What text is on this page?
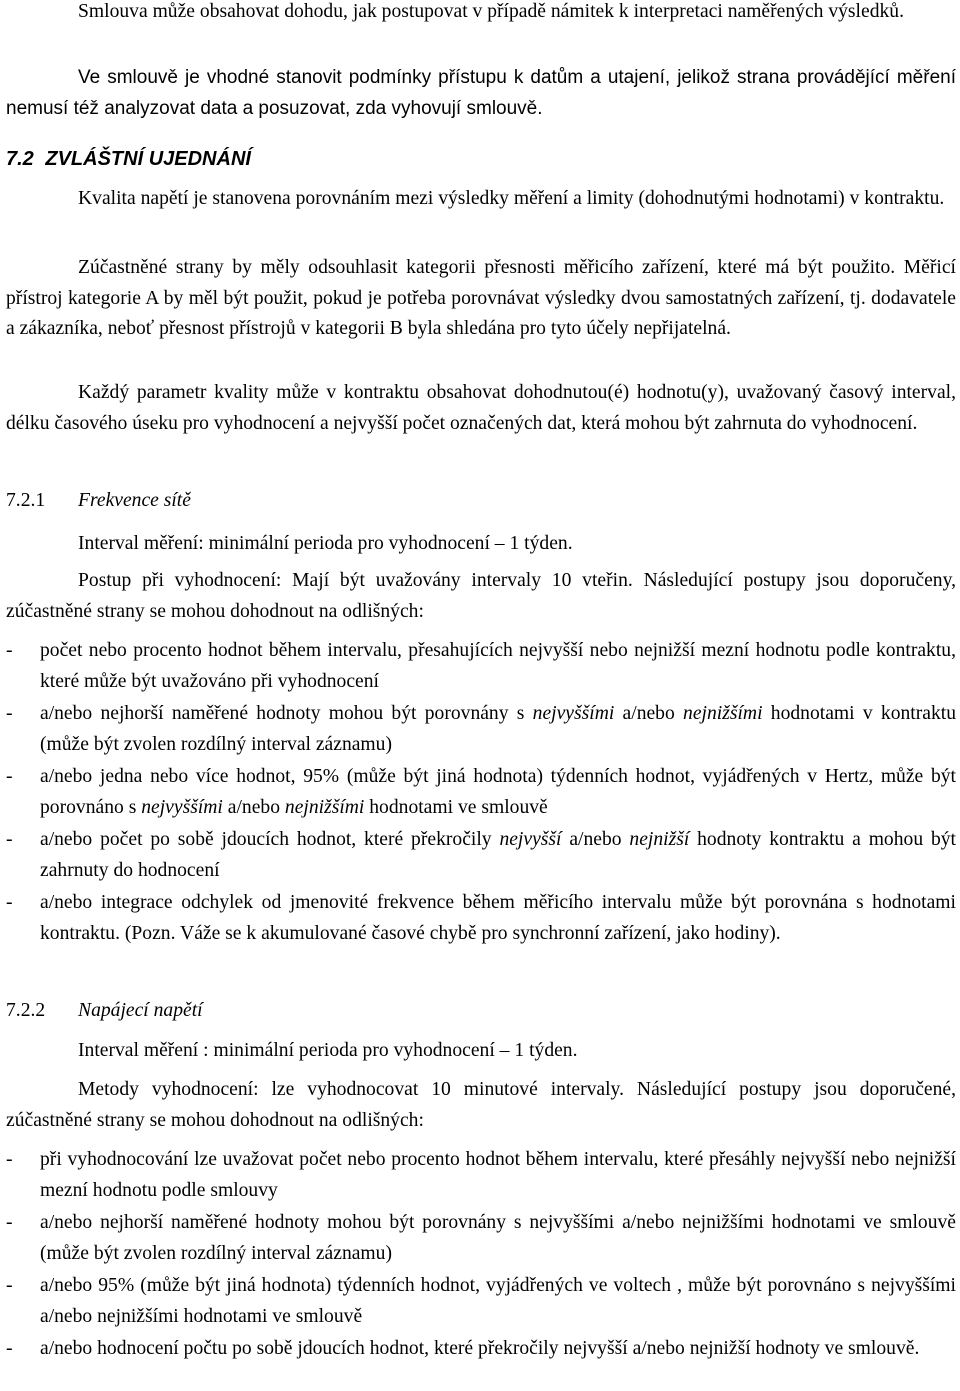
Smlouva může obsahovat dohodu, jak postupovat v případě námitek k interpretaci naměřených výsledků.

Ve smlouvě je vhodné stanovit podmínky přístupu k datům a utajení, jelikož strana provádějící měření nemusí též analyzovat data a posuzovat, zda vyhovují smlouvě.

7.2 ZVLÁŠTNÍ UJEDNÁNÍ

Kvalita napětí je stanovena porovnáním mezi výsledky měření a limity (dohodnutými hodnotami) v kontraktu.

Zúčastněné strany by měly odsouhlasit kategorii přesnosti měřicího zařízení, které má být použito. Měřicí přístroj kategorie A by měl být použit, pokud je potřeba porovnávat výsledky dvou samostatných zařízení, tj. dodavatele a zákazníka, neboť přesnost přístrojů v kategorii B byla shledána pro tyto účely nepřijatelná.

Každý parametr kvality může v kontraktu obsahovat dohodnutou(é) hodnotu(y), uvažovaný časový interval, délku časového úseku pro vyhodnocení a nejvyšší počet označených dat, která mohou být zahrnuta do vyhodnocení.

7.2.1	Frekvence sítě

Interval měření: minimální perioda pro vyhodnocení – 1 týden.

Postup při vyhodnocení: Mají být uvažovány intervaly 10 vteřin. Následující postupy jsou doporučeny, zúčastněné strany se mohou dohodnout na odlišných:

-	počet nebo procento hodnot během intervalu, přesahujících nejvyšší nebo nejnižší mezní hodnotu podle kontraktu, které může být uvažováno při vyhodnocení
-	a/nebo nejhorší naměřené hodnoty mohou být porovnány s nejvyššími a/nebo nejnižšími hodnotami v kontraktu (může být zvolen rozdílný interval záznamu)
-	a/nebo jedna nebo více hodnot, 95% (může být jiná hodnota) týdenních hodnot, vyjádřených v Hertz, může být porovnáno s nejvyššími a/nebo nejnižšími hodnotami ve smlouvě
-	a/nebo počet po sobě jdoucích hodnot, které překročily nejvyšší a/nebo nejnižší hodnoty kontraktu a mohou být zahrnuty do hodnocení
-	a/nebo integrace odchylek od jmenovité frekvence během měřicího intervalu může být porovnána s hodnotami kontraktu. (Pozn. Váže se k akumulované časové chybě pro synchronní zařízení, jako hodiny).
7.2.2	Napájecí napětí

Interval měření : minimální perioda pro vyhodnocení – 1 týden.

Metody vyhodnocení: lze vyhodnocovat 10 minutové intervaly. Následující postupy jsou doporučené, zúčastněné strany se mohou dohodnout na odlišných:

-	při vyhodnocování lze uvažovat počet nebo procento hodnot během intervalu, které přesáhly nejvyšší nebo nejnižší mezní hodnotu podle smlouvy
-	a/nebo nejhorší naměřené hodnoty mohou být porovnány s nejvyššími a/nebo nejnižšími hodnotami ve smlouvě (může být zvolen rozdílný interval záznamu)
-	a/nebo 95% (může být jiná hodnota) týdenních hodnot, vyjádřených ve voltech , může být porovnáno s nejvyššími a/nebo nejnižšími hodnotami ve smlouvě
-	a/nebo hodnocení počtu po sobě jdoucích hodnot, které překročily nejvyšší a/nebo nejnižší hodnoty ve smlouvě.
